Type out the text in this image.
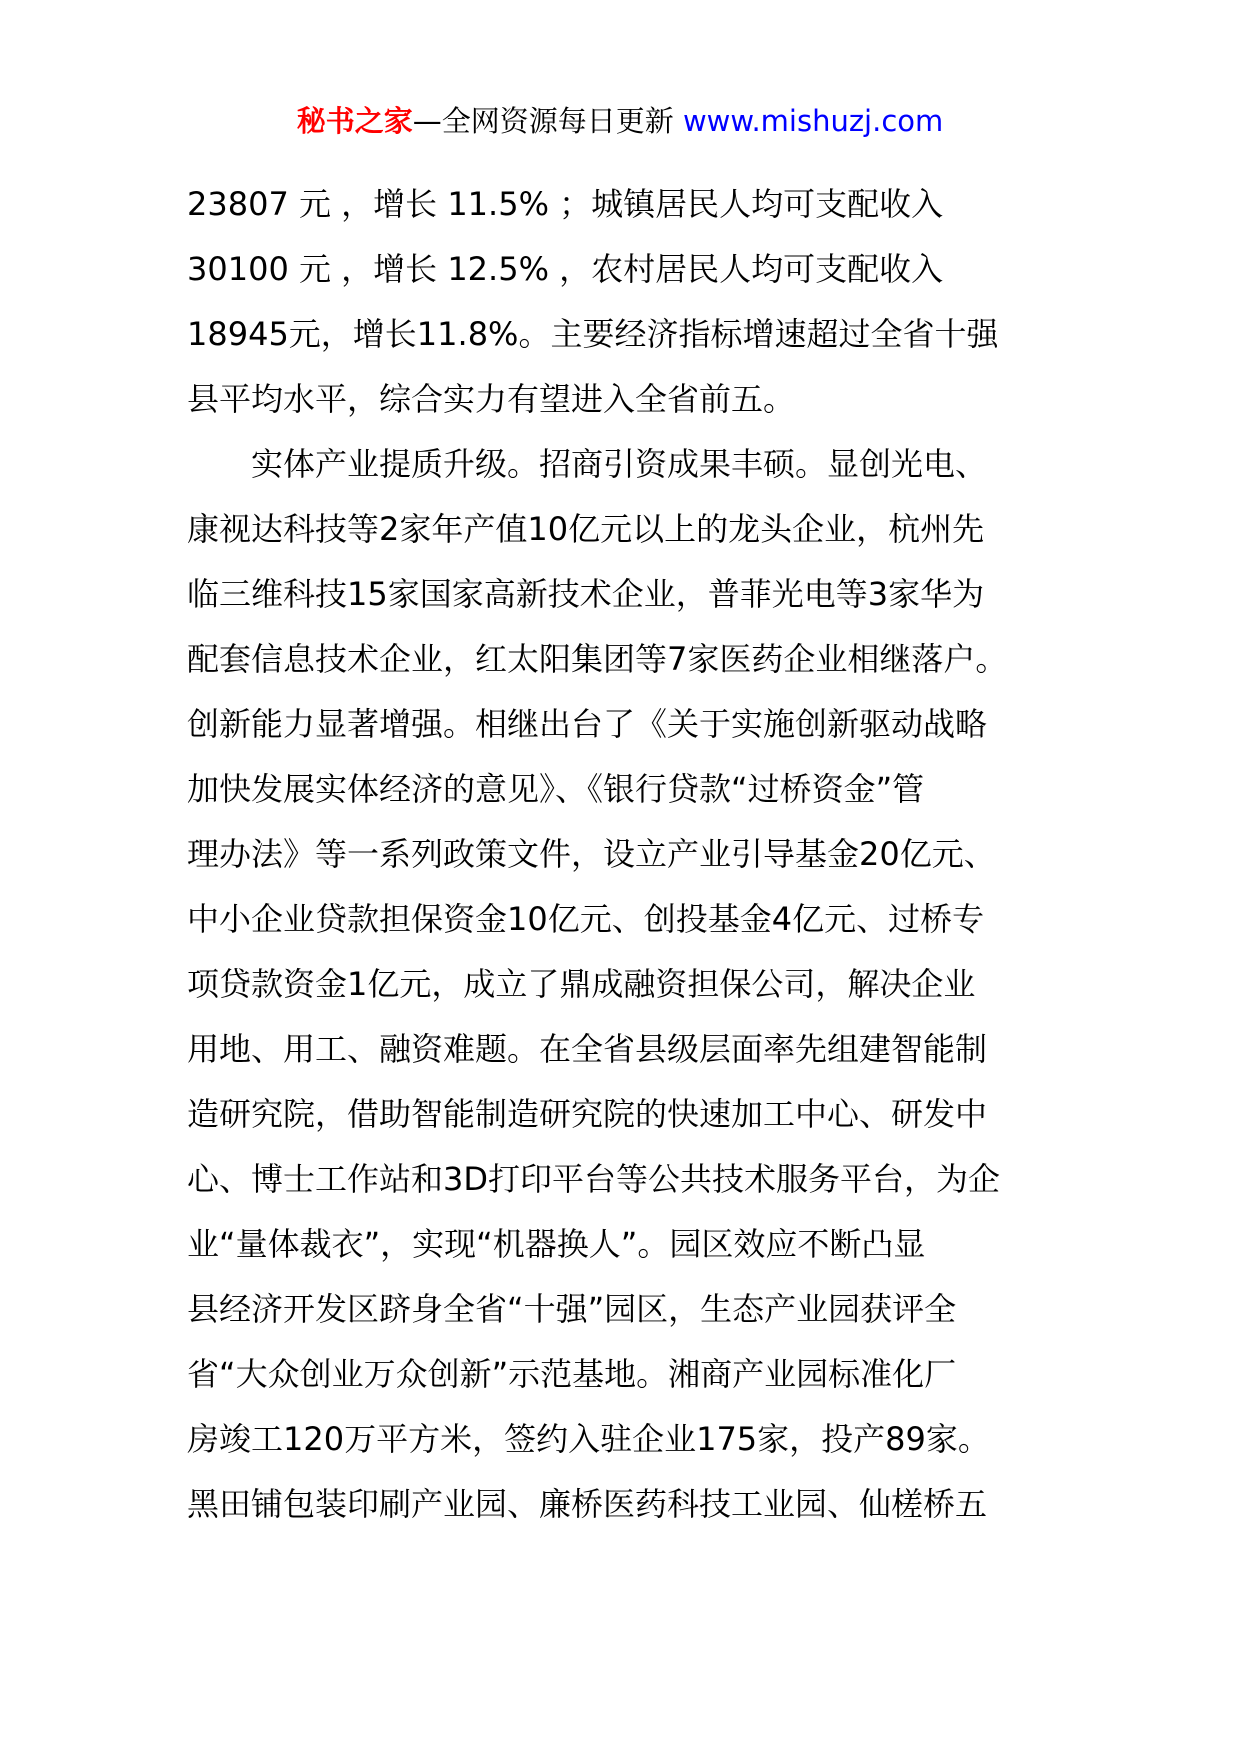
秘书之家—全网资源每日更新 www.mishuzj.com
23807 元 ，增长 11.5% ；城镇居民人均可支配收入
30100 元 ，增长 12.5% ，农村居民人均可支配收入
18945元，增长11.8%。主要经济指标增速超过全省十强
县平均水平，综合实力有望进入全省前五。
实体产业提质升级。招商引资成果丰硕。显创光电、
康视达科技等2家年产值10亿元以上的龙头企业，杭州先
临三维科技15家国家高新技术企业，普菲光电等3家华为
配套信息技术企业，红太阳集团等7家医药企业相继落户。
创新能力显著增强。相继出台了《关于实施创新驱动战略
加快发展实体经济的意见》、《银行贷款“过桥资金”管
理办法》等一系列政策文件，设立产业引导基金20亿元、
中小企业贷款担保资金10亿元、创投基金4亿元、过桥专
项贷款资金1亿元，成立了鼎成融资担保公司，解决企业
用地、用工、融资难题。在全省县级层面率先组建智能制
造研究院，借助智能制造研究院的快速加工中心、研发中
心、博士工作站和3D打印平台等公共技术服务平台，为企
业“量体裁衣”，实现“机器换人”。园区效应不断凸显
县经济开发区跻身全省“十强”园区，生态产业园获评全
省“大众创业万众创新”示范基地。湘商产业园标准化厂
房竣工120万平方米，签约入驻企业175家，投产89家。
黑田铺包装印刷产业园、廉桥医药科技工业园、仙槎桥五
